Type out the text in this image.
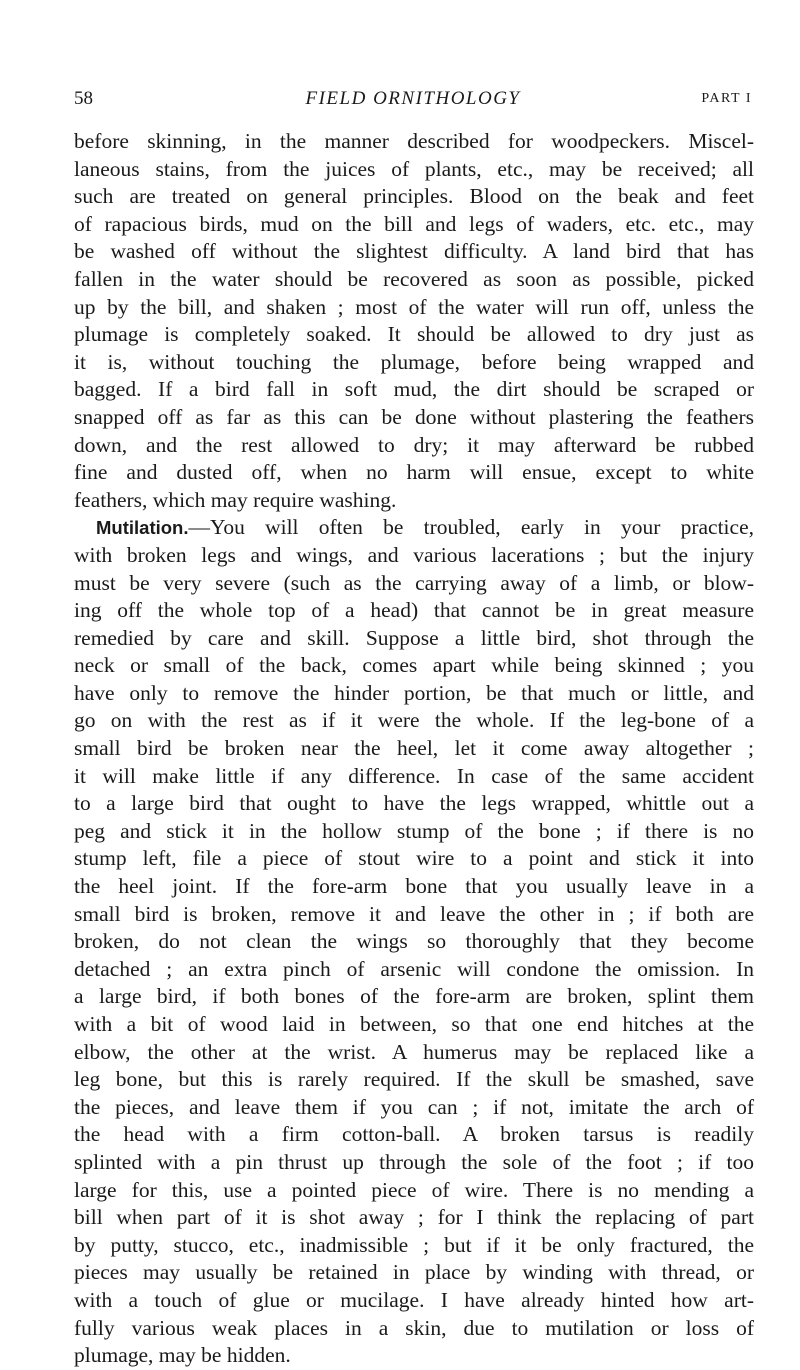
58	FIELD ORNITHOLOGY	PART I
before skinning, in the manner described for woodpeckers. Miscel-
laneous stains, from the juices of plants, etc., may be received; all
such are treated on general principles. Blood on the beak and feet
of rapacious birds, mud on the bill and legs of waders, etc. etc., may
be washed off without the slightest difficulty. A land bird that has
fallen in the water should be recovered as soon as possible, picked
up by the bill, and shaken ; most of the water will run off, unless the
plumage is completely soaked. It should be allowed to dry just as
it is, without touching the plumage, before being wrapped and
bagged. If a bird fall in soft mud, the dirt should be scraped or
snapped off as far as this can be done without plastering the feathers
down, and the rest allowed to dry; it may afterward be rubbed
fine and dusted off, when no harm will ensue, except to white
feathers, which may require washing.
Mutilation.—You will often be troubled, early in your practice,
with broken legs and wings, and various lacerations ; but the injury
must be very severe (such as the carrying away of a limb, or blow-
ing off the whole top of a head) that cannot be in great measure
remedied by care and skill. Suppose a little bird, shot through the
neck or small of the back, comes apart while being skinned ; you
have only to remove the hinder portion, be that much or little, and
go on with the rest as if it were the whole. If the leg-bone of a
small bird be broken near the heel, let it come away altogether ;
it will make little if any difference. In case of the same accident
to a large bird that ought to have the legs wrapped, whittle out a
peg and stick it in the hollow stump of the bone ; if there is no
stump left, file a piece of stout wire to a point and stick it into
the heel joint. If the fore-arm bone that you usually leave in a
small bird is broken, remove it and leave the other in ; if both are
broken, do not clean the wings so thoroughly that they become
detached ; an extra pinch of arsenic will condone the omission. In
a large bird, if both bones of the fore-arm are broken, splint them
with a bit of wood laid in between, so that one end hitches at the
elbow, the other at the wrist. A humerus may be replaced like a
leg bone, but this is rarely required. If the skull be smashed, save
the pieces, and leave them if you can ; if not, imitate the arch of
the head with a firm cotton-ball. A broken tarsus is readily
splinted with a pin thrust up through the sole of the foot ; if too
large for this, use a pointed piece of wire. There is no mending a
bill when part of it is shot away ; for I think the replacing of part
by putty, stucco, etc., inadmissible ; but if it be only fractured, the
pieces may usually be retained in place by winding with thread, or
with a touch of glue or mucilage. I have already hinted how art-
fully various weak places in a skin, due to mutilation or loss of
plumage, may be hidden.
